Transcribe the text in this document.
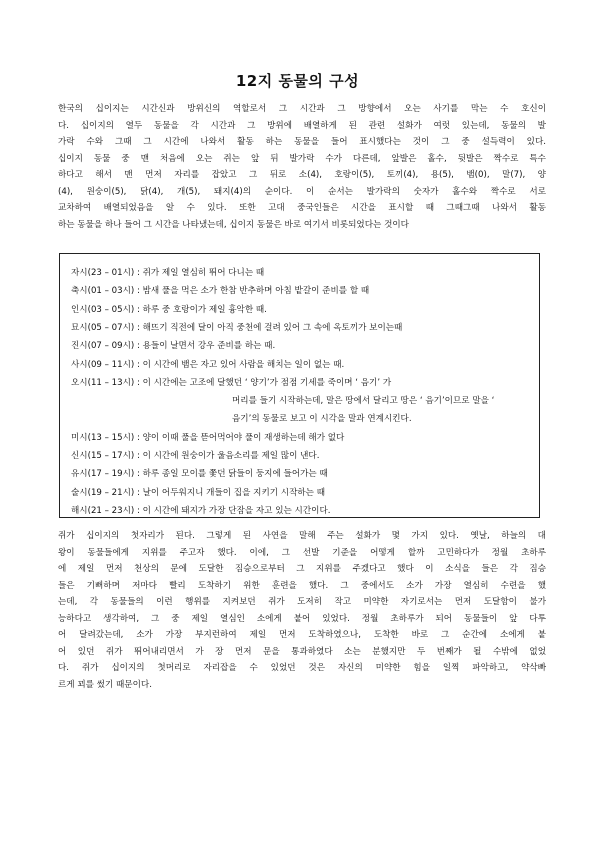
12지 동물의 구성
한국의 십이지는 시간신과 방위신의 역할로서 그 시간과 그 방향에서 오는 사기를 막는 수 호신이
다. 십이지의 열두 동물을 각 시간과 그 방위에 배열하게 된 관련 설화가 여럿 있는데, 동물의 발
가락 수와 그때 그 시간에 나와서 활동 하는 동물을 들어 표시했다는 것이 그 중 설득력이 있다.
십이지 동물 중 맨 처음에 오는 쥐는 앞 뒤 발가락 수가 다른데, 앞발은 홀수, 뒷발은 짝수로 특수
하다고 해서 맨 먼저 자리를 잡았고 그 뒤로 소(4), 호랑이(5), 토끼(4), 용(5), 뱀(0), 말(7), 양
(4), 원숭이(5), 닭(4), 개(5), 돼지(4)의 순이다. 이 순서는 발가락의 숫자가 홀수와 짝수로 서로
교차하여 배열되었음을 알 수 있다. 또한 고대 중국인들은 시간을 표시할 때 그때그때 나와서 활동
하는 동물을 하나 들어 그 시간을 나타냈는데, 십이지 동물은 바로 여기서 비롯되었다는 것이다
자시(23 – 01시) : 쥐가 제일 열심히 뛰어 다니는 때
축시(01 – 03시) : 밤새 풀을 먹은 소가 한참 반추하며 아침 밭갈이 준비를 할 때
인시(03 – 05시) : 하루 중 호랑이가 제일 흉악한 때.
묘시(05 – 07시) : 해뜨기 직전에 달이 아직 중천에 걸려 있어 그 속에 옥토끼가 보이는때
진시(07 – 09시) : 용들이 날면서 강우 준비를 하는 때.
사시(09 – 11시) : 이 시간에 뱀은 자고 있어 사람을 해치는 일이 없는 때.
오시(11 – 13시) : 이 시간에는 고조에 달했던 ‘ 양기’가 점점 기세를 죽이며 ‘ 음기’ 가
머리를 들기 시작하는데, 말은 땅에서 달리고 땅은 ‘ 음기’이므로 말을 ‘
음기’의 동물로 보고 이 시각을 말과 연계시킨다.
미시(13 – 15시) : 양이 이때 풀을 뜯어먹어야 풀이 재생하는데 해가 없다
신시(15 – 17시) : 이 시간에 원숭이가 울음소리를 제일 많이 낸다.
유시(17 – 19시) : 하루 종일 모이를 쫓던 닭들이 둥지에 들어가는 때
술시(19 – 21시) : 날이 어두워지니 개들이 집을 지키기 시작하는 때
해시(21 – 23시) : 이 시간에 돼지가 가장 단잠을 자고 있는 시간이다.
쥐가 십이지의 첫자리가 된다. 그렇게 된 사연을 말해 주는 설화가 몇 가지 있다. 옛날, 하늘의 대
왕이 동물들에게 지위를 주고자 했다. 이에, 그 선발 기준을 어떻게 할까 고민하다가 정월 초하루
에 제일 먼저 천상의 문에 도달한 짐승으로부터 그 지위를 주겠다고 했다 이 소식을 들은 각 짐승
들은 기뻐하며 저마다 빨리 도착하기 위한 훈련을 했다. 그 중에서도 소가 가장 열심히 수련을 했
는데, 각 동물들의 이런 행위를 지켜보던 쥐가 도저히 작고 미약한 자기로서는 먼저 도달함이 불가
능하다고 생각하여, 그 중 제일 열심인 소에게 붙어 있었다. 정월 초하루가 되어 동물들이 앞 다투
어 달려갔는데, 소가 가장 부지런하여 제일 먼저 도착하였으나, 도착한 바로 그 순간에 소에게 붙
어 있던 쥐가 뛰어내리면서 가 장 먼저 문을 통과하였다 소는 분했지만 두 번째가 될 수밖에 없었
다. 쥐가 십이지의 첫머리로 자리잡을 수 있었던 것은 자신의 미약한 힘을 일찍 파악하고, 약삭빠
르게 꾀를 썼기 때문이다.
